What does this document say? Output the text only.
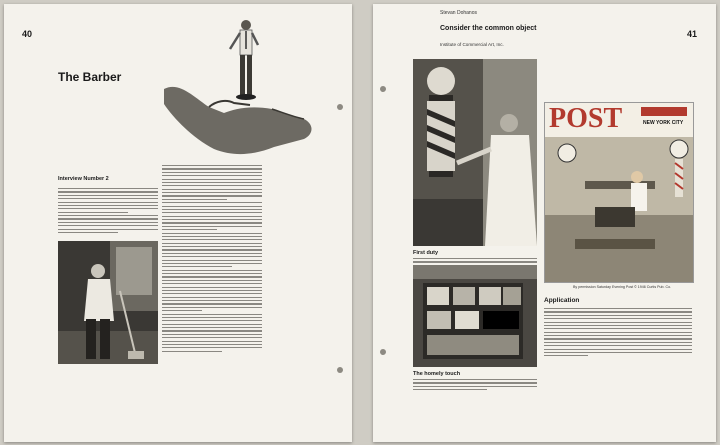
40
The Barber
Interview Number 2
Stevan Dohanos
Consider the common object
Institute of Commercial Art, Inc.
41
First duty
The homely touch
POST	NEW YORK CITY
By permission Saturday Evening Post © 1946 Curtis Pub. Co.
Application
